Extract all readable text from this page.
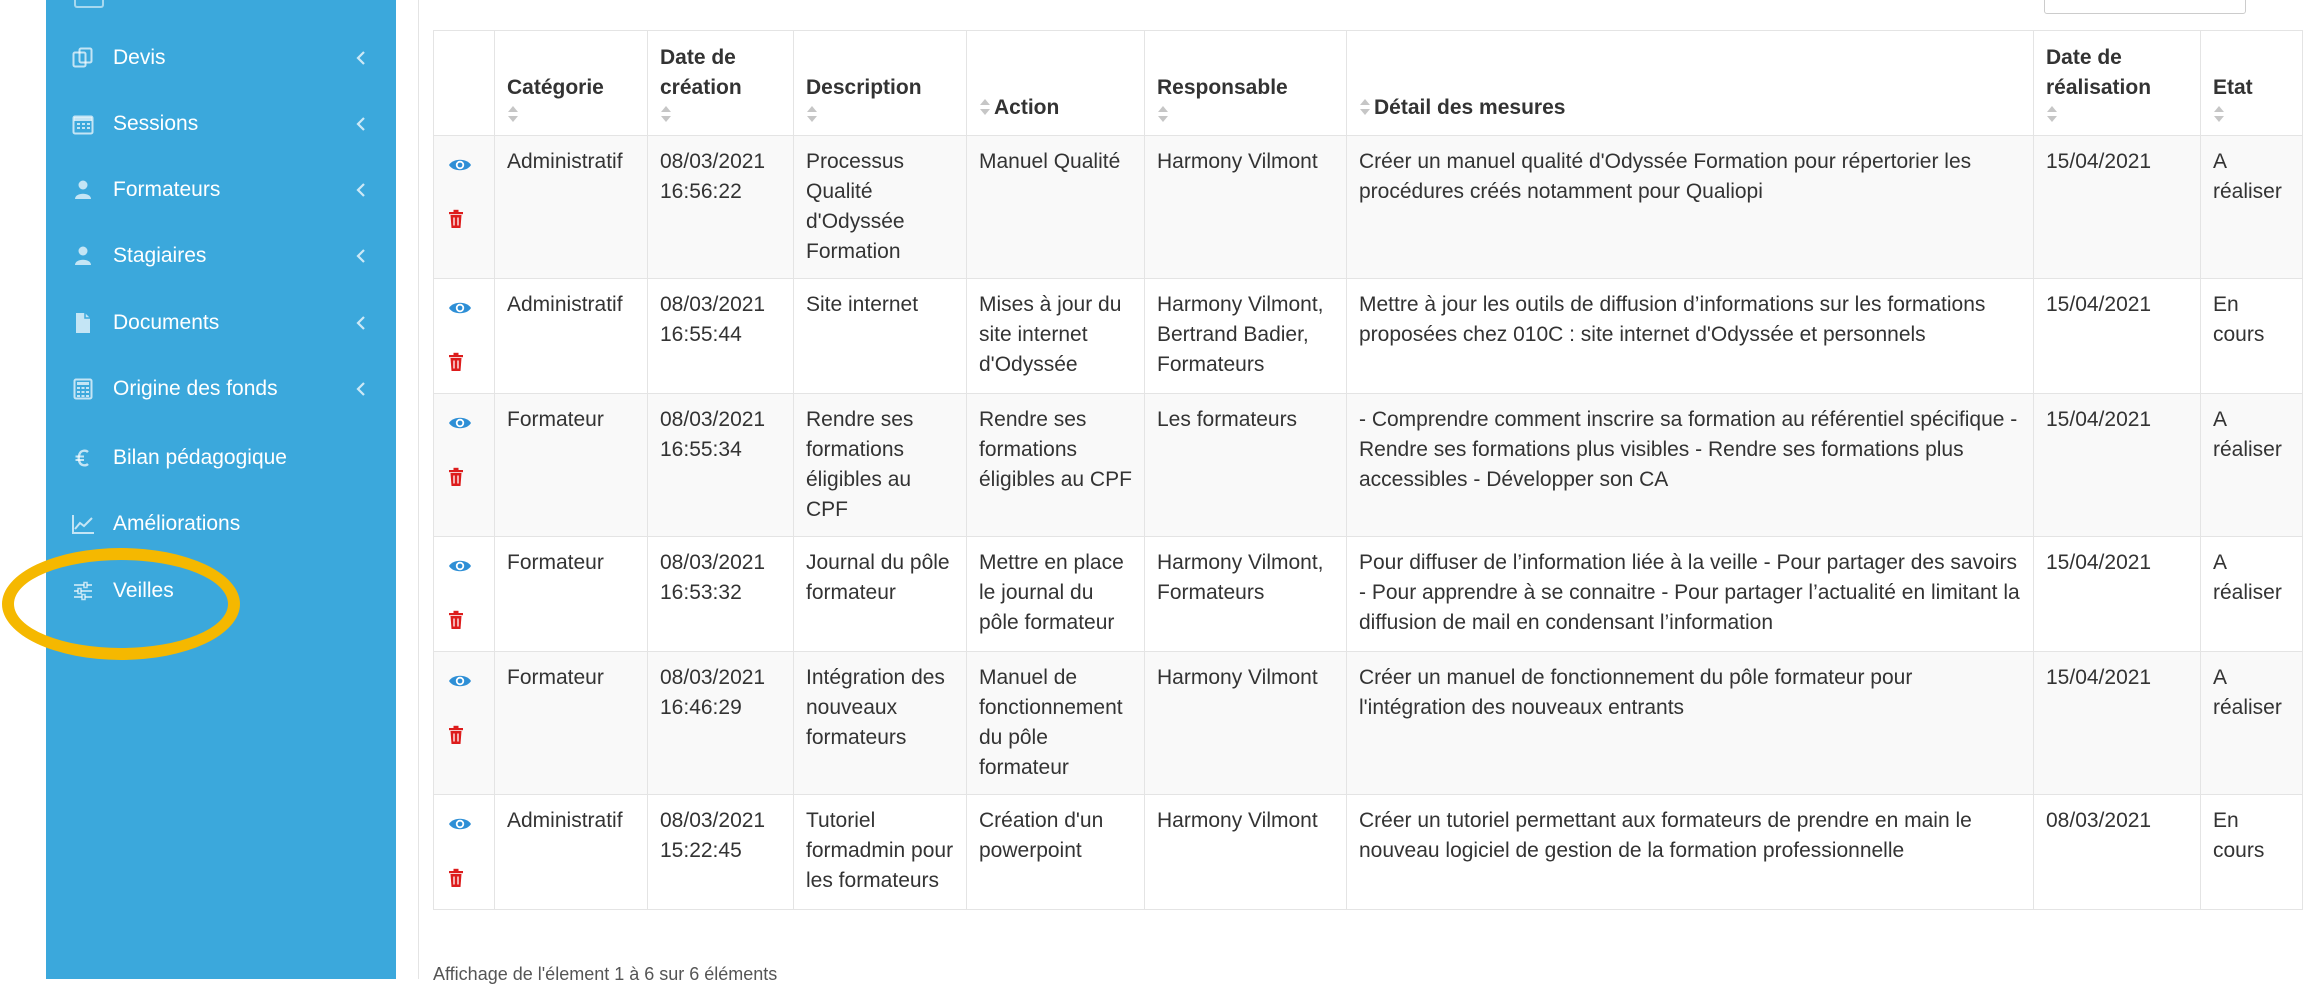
Devis
Sessions
Formateurs
Stagiaires
Documents
Origine des fonds
Bilan pédagogique
Améliorations
Veilles
	Catégorie	Date de création	Description	Action	Responsable	Détail des mesures	Date de réalisation	Etat

	Administratif	08/03/2021 16:56:22	Processus Qualité d'Odyssée Formation	Manuel Qualité	Harmony Vilmont	Créer un manuel qualité d'Odyssée Formation pour répertorier les procédures créés notamment pour Qualiopi	15/04/2021	A réaliser

	Administratif	08/03/2021 16:55:44	Site internet	Mises à jour du site internet d'Odyssée	Harmony Vilmont, Bertrand Badier, Formateurs	Mettre à jour les outils de diffusion d’informations sur les formations proposées chez 010C : site internet d'Odyssée et personnels	15/04/2021	En cours

	Formateur	08/03/2021 16:55:34	Rendre ses formations éligibles au CPF	Rendre ses formations éligibles au CPF	Les formateurs	- Comprendre comment inscrire sa formation au référentiel spécifique - Rendre ses formations plus visibles - Rendre ses formations plus accessibles - Développer son CA	15/04/2021	A réaliser

	Formateur	08/03/2021 16:53:32	Journal du pôle formateur	Mettre en place le journal du pôle formateur	Harmony Vilmont, Formateurs	Pour diffuser de l’information liée à la veille - Pour partager des savoirs - Pour apprendre à se connaitre - Pour partager l’actualité en limitant la diffusion de mail en condensant l’information	15/04/2021	A réaliser

	Formateur	08/03/2021 16:46:29	Intégration des nouveaux formateurs	Manuel de fonctionnement du pôle formateur	Harmony Vilmont	Créer un manuel de fonctionnement du pôle formateur pour l'intégration des nouveaux entrants	15/04/2021	A réaliser

	Administratif	08/03/2021 15:22:45	Tutoriel formadmin pour les formateurs	Création d'un powerpoint	Harmony Vilmont	Créer un tutoriel permettant aux formateurs de prendre en main le nouveau logiciel de gestion de la formation professionnelle	08/03/2021	En cours
Affichage de l'élement 1 à 6 sur 6 éléments
